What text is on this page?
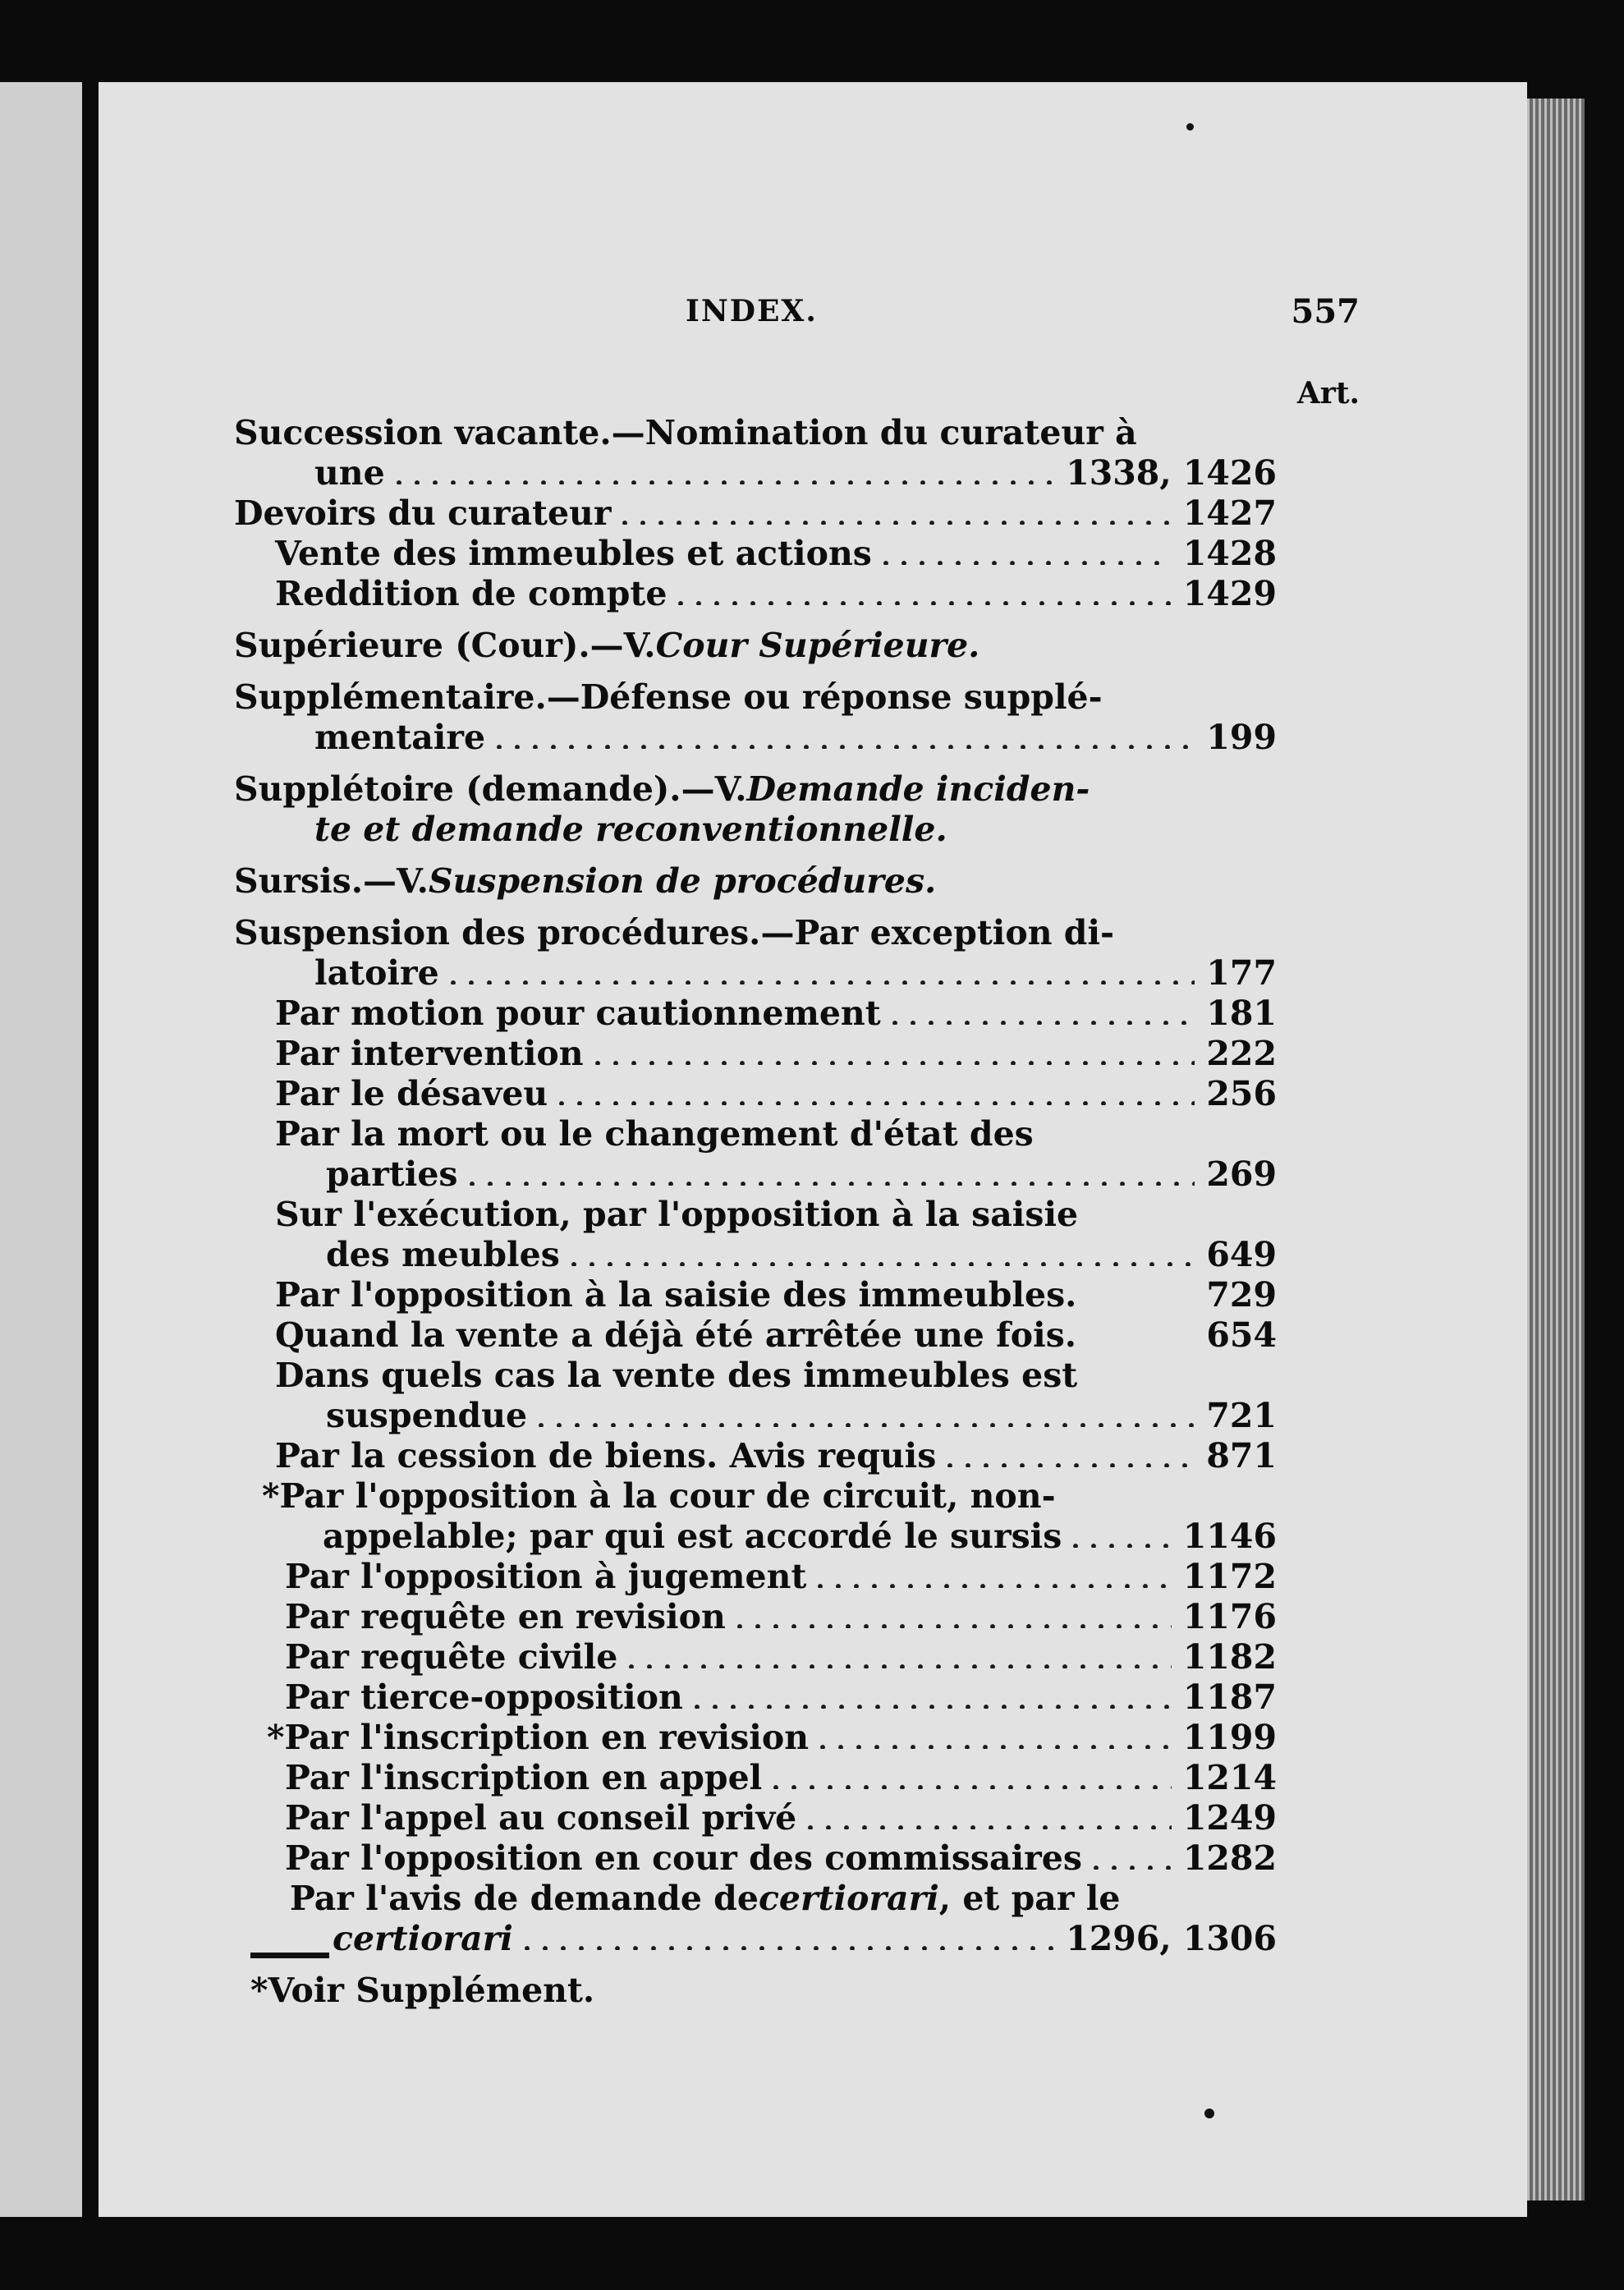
INDEX.	557
Art.
Succession vacante.—Nomination du curateur à
une	1338, 1426
Devoirs du curateur	1427
Vente des immeubles et actions	1428
Reddition de compte	1429
Supérieure (Cour).—V. Cour Supérieure.
Supplémentaire.—Défense ou réponse supplé-
mentaire	199
Supplétoire (demande).—V. Demande inciden-
te et demande reconventionnelle.
Sursis.—V. Suspension de procédures.
Suspension des procédures.—Par exception di-
latoire	177
Par motion pour cautionnement	181
Par intervention	222
Par le désaveu	256
Par la mort ou le changement d'état des
parties	269
Sur l'exécution, par l'opposition à la saisie
des meubles	649
Par l'opposition à la saisie des immeubles.	729
Quand la vente a déjà été arrêtée une fois.	654
Dans quels cas la vente des immeubles est
suspendue	721
Par la cession de biens. Avis requis	871
*Par l'opposition à la cour de circuit, non-
appelable; par qui est accordé le sursis	1146
Par l'opposition à jugement	1172
Par requête en revision	1176
Par requête civile	1182
Par tierce-opposition	1187
*Par l'inscription en revision	1199
Par l'inscription en appel	1214
Par l'appel au conseil privé	1249
Par l'opposition en cour des commissaires	1282
Par l'avis de demande de certiorari , et par le
certiorari	1296, 1306
*Voir Supplément.
